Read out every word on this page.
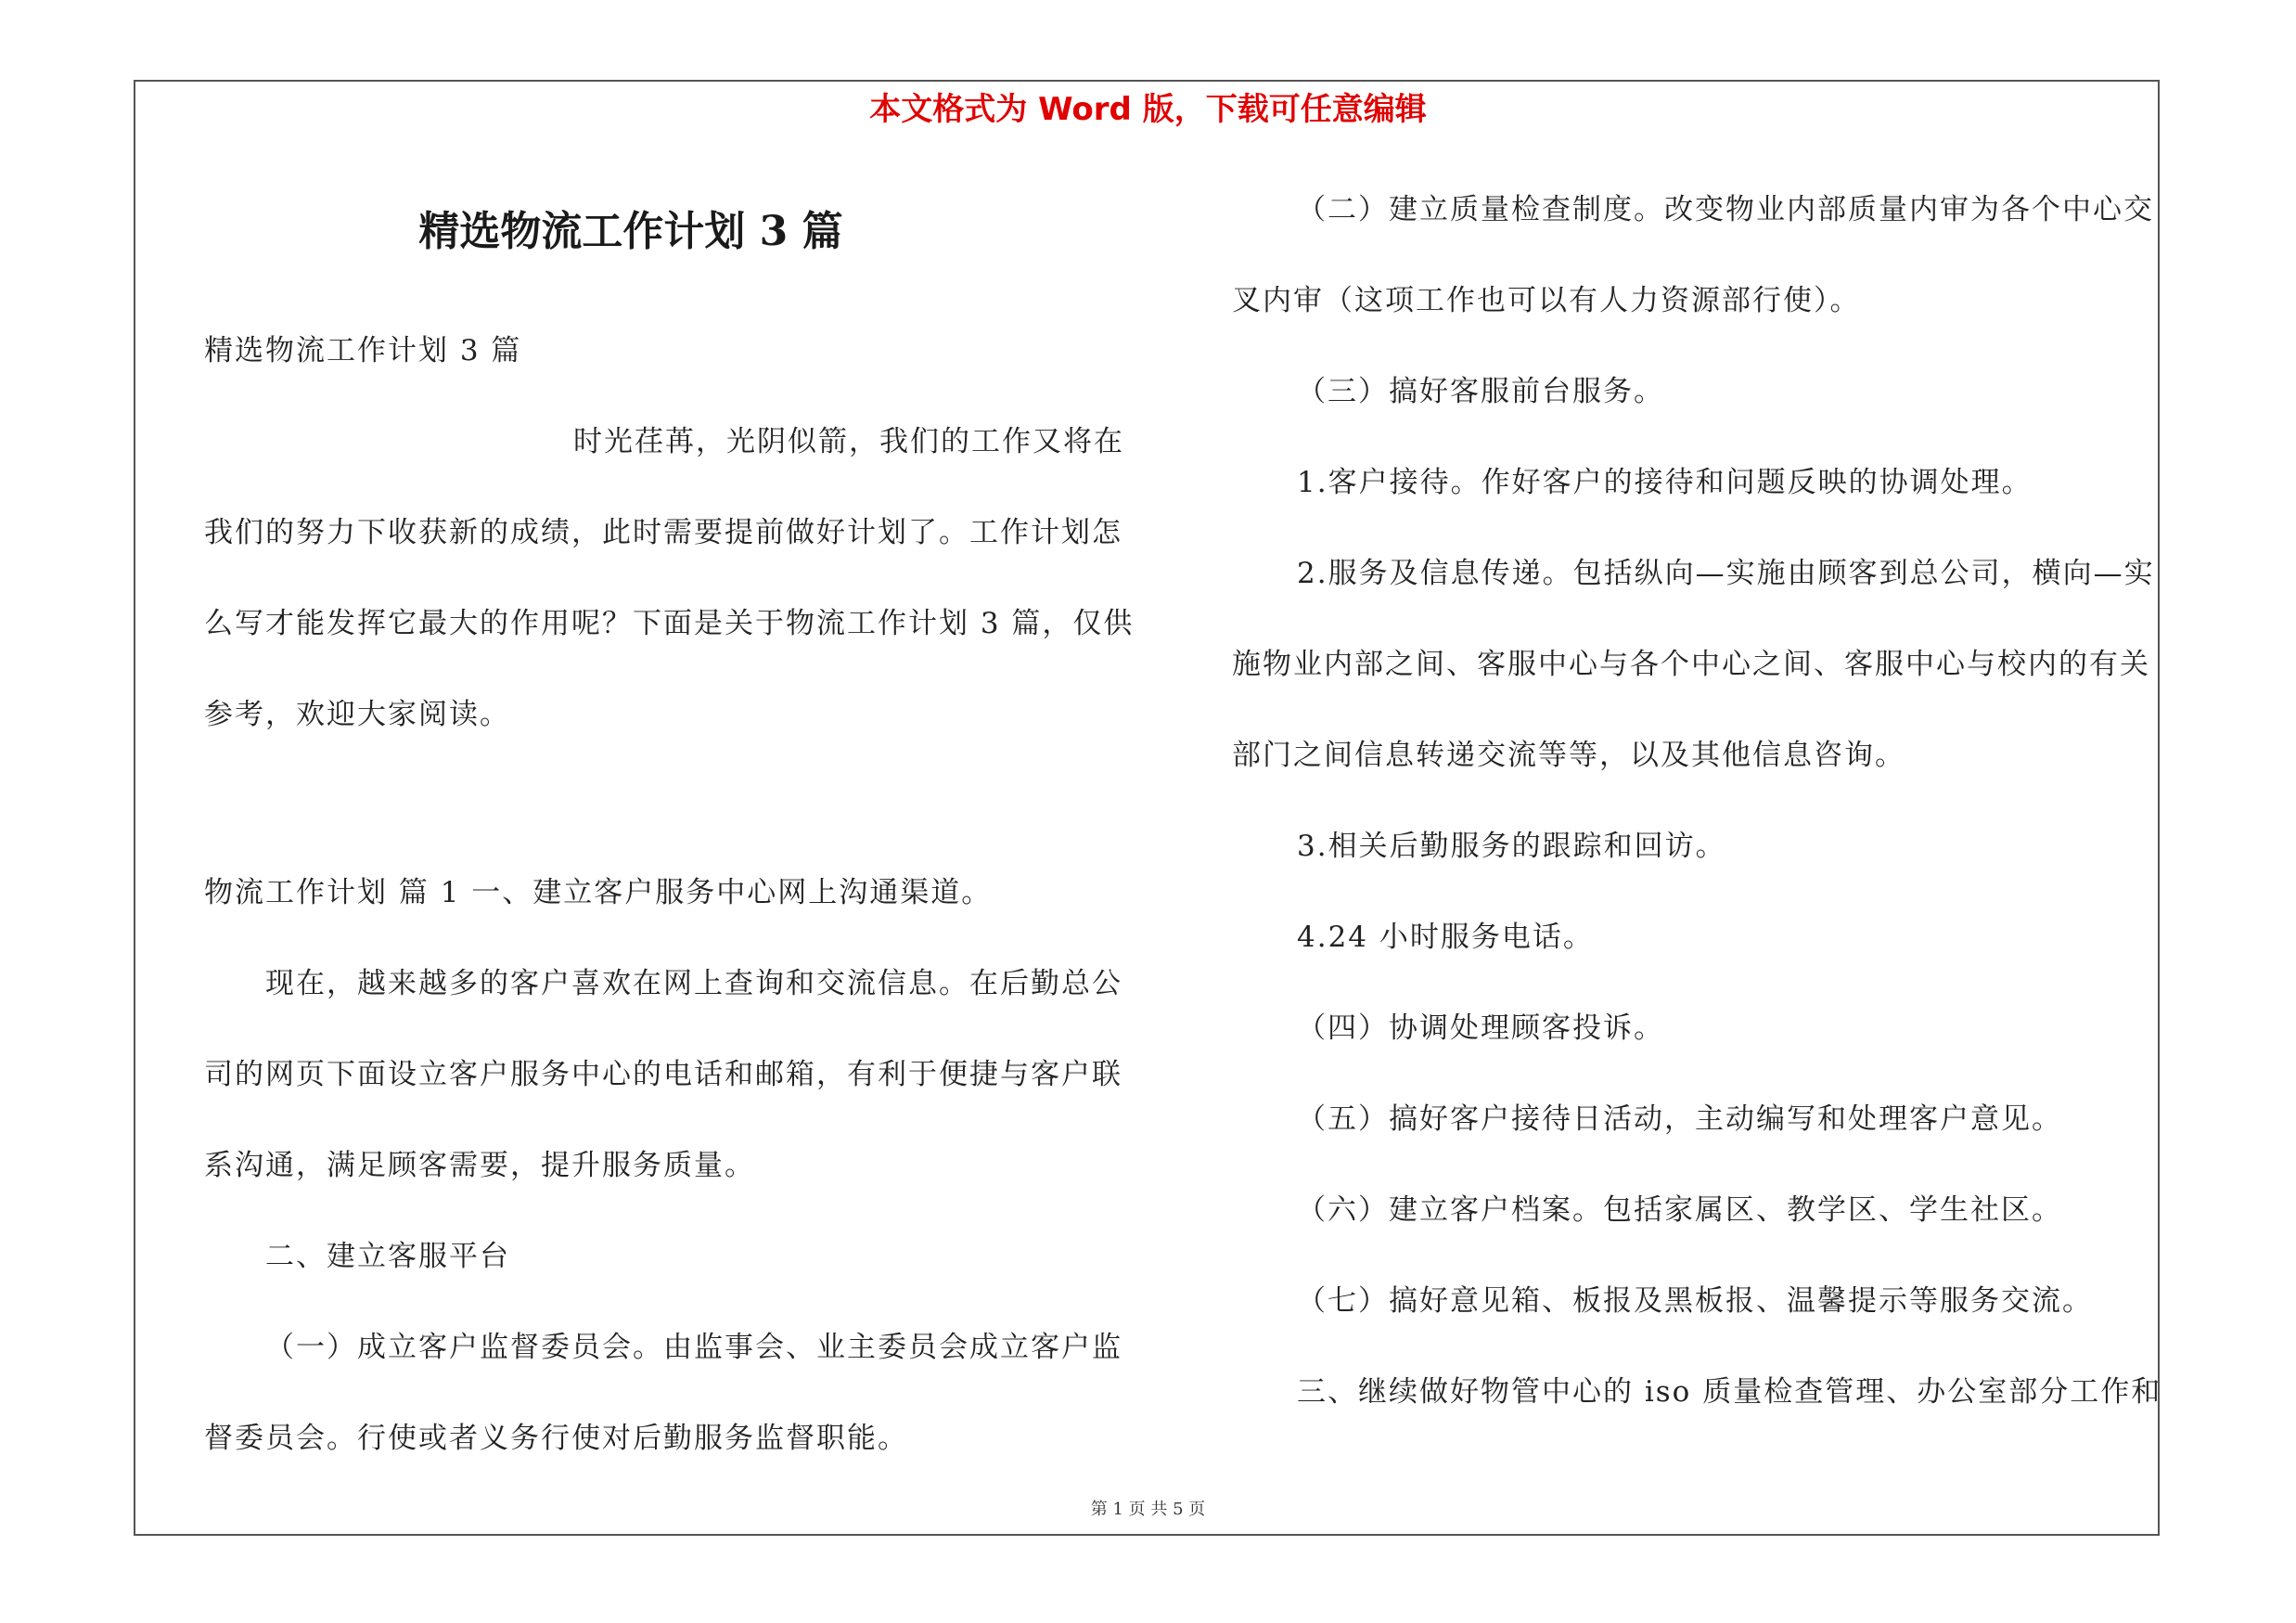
本文格式为 Word 版，下载可任意编辑
精选物流工作计划 3 篇
精选物流工作计划 3 篇
时光荏苒，光阴似箭，我们的工作又将在
我们的努力下收获新的成绩，此时需要提前做好计划了。工作计划怎
么写才能发挥它最大的作用呢？下面是关于物流工作计划 3 篇，仅供
参考，欢迎大家阅读。
物流工作计划 篇 1 一、建立客户服务中心网上沟通渠道。
现在，越来越多的客户喜欢在网上查询和交流信息。在后勤总公
司的网页下面设立客户服务中心的电话和邮箱，有利于便捷与客户联
系沟通，满足顾客需要，提升服务质量。
二、建立客服平台
（一）成立客户监督委员会。由监事会、业主委员会成立客户监
督委员会。行使或者义务行使对后勤服务监督职能。
（二）建立质量检查制度。改变物业内部质量内审为各个中心交
叉内审（这项工作也可以有人力资源部行使）。
（三）搞好客服前台服务。
1.客户接待。作好客户的接待和问题反映的协调处理。
2.服务及信息传递。包括纵向—实施由顾客到总公司，横向—实
施物业内部之间、客服中心与各个中心之间、客服中心与校内的有关
部门之间信息转递交流等等，以及其他信息咨询。
3.相关后勤服务的跟踪和回访。
4.24 小时服务电话。
（四）协调处理顾客投诉。
（五）搞好客户接待日活动，主动编写和处理客户意见。
（六）建立客户档案。包括家属区、教学区、学生社区。
（七）搞好意见箱、板报及黑板报、温馨提示等服务交流。
三、继续做好物管中心的 iso 质量检查管理、办公室部分工作和
第 1 页 共 5 页
